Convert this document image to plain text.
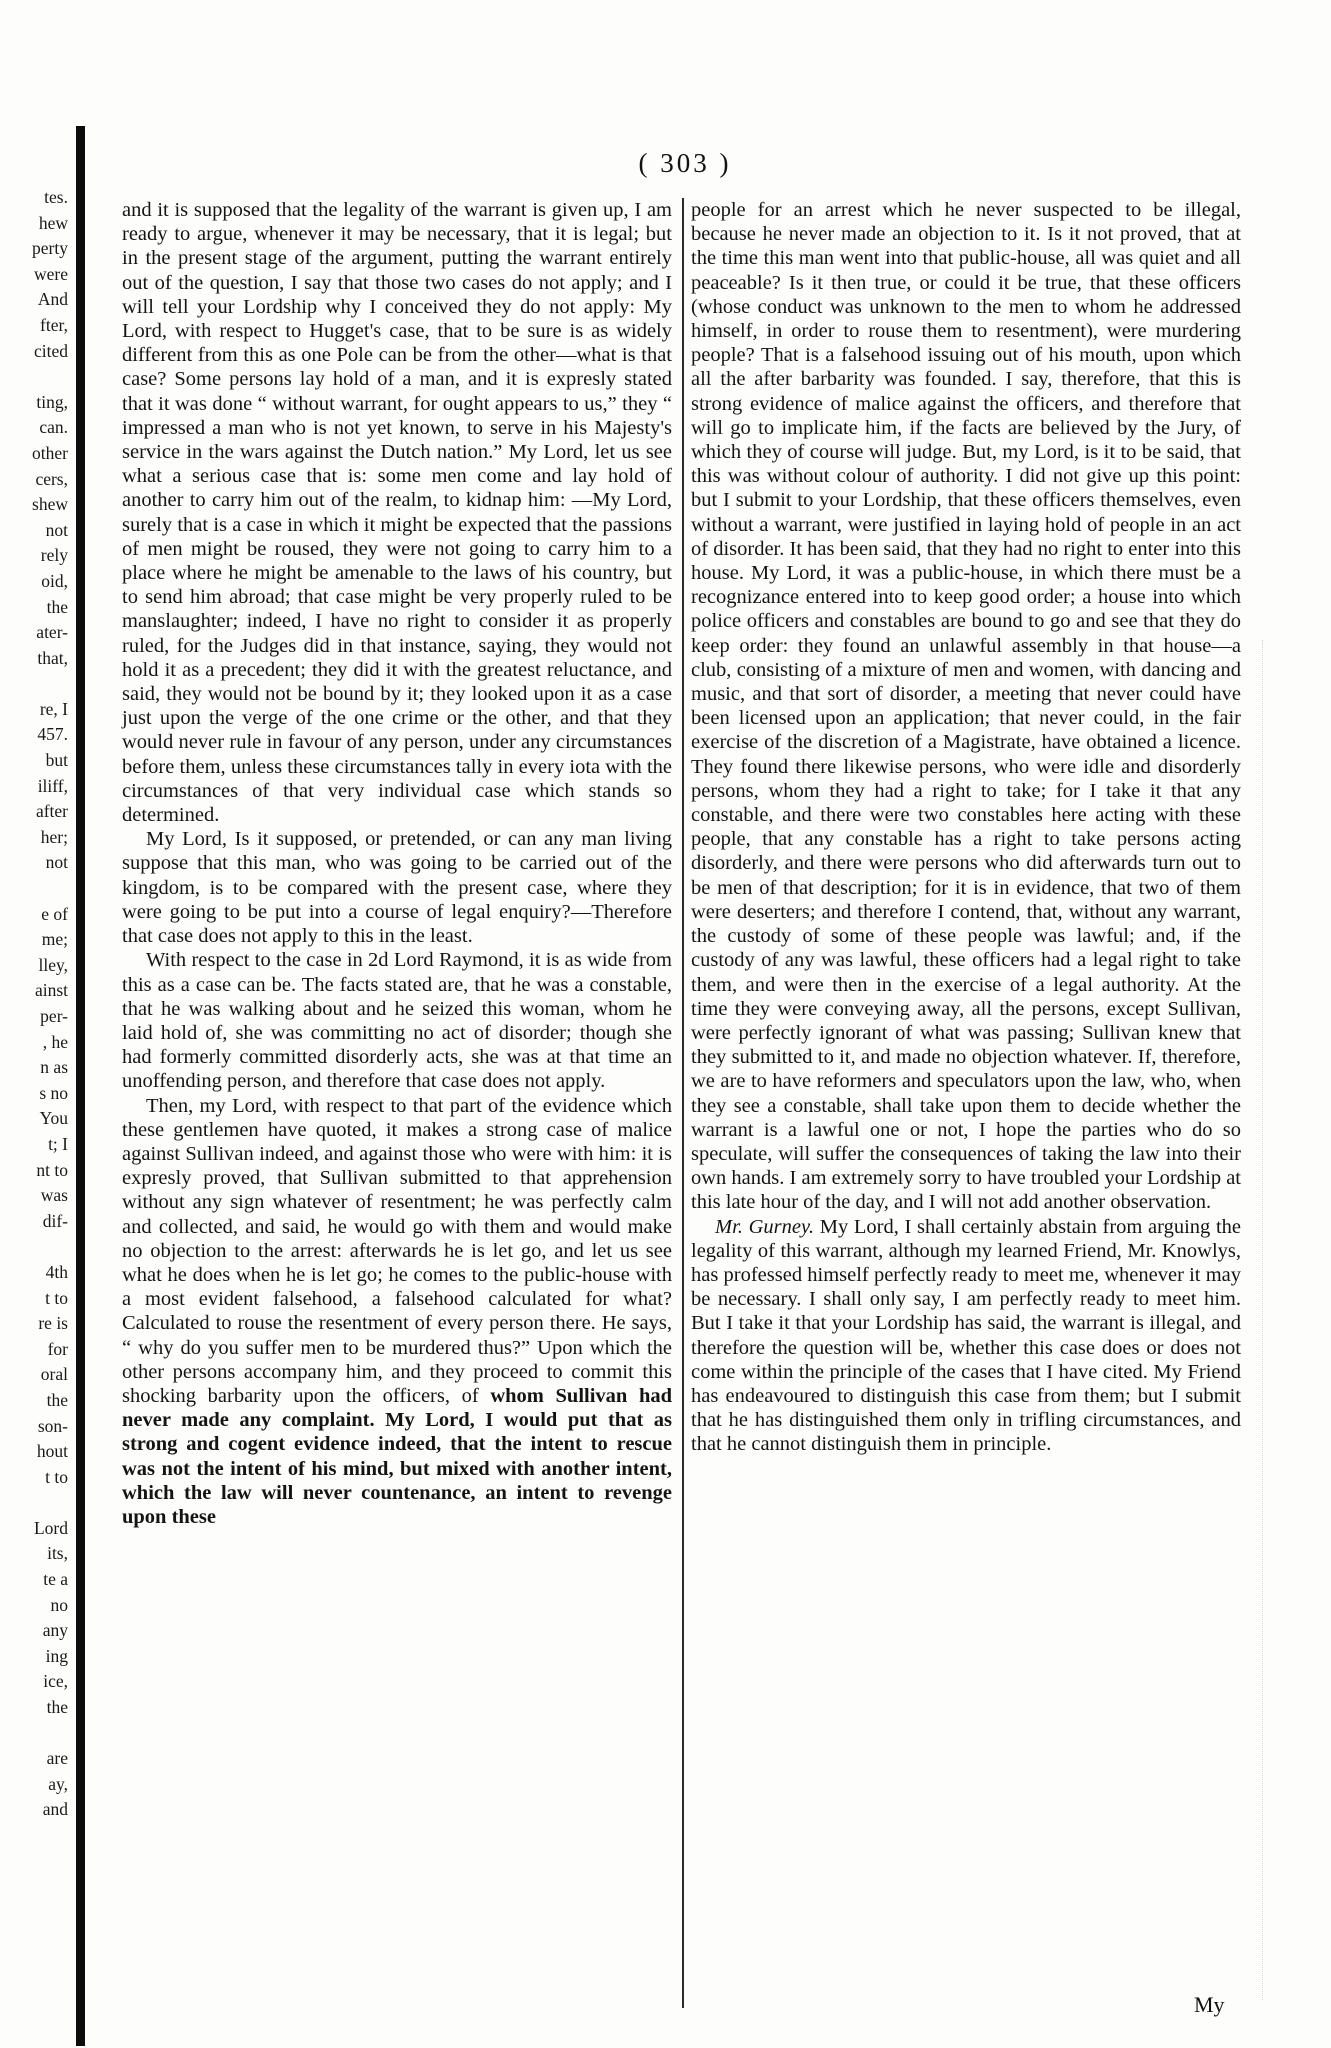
tes.
hew
perty
were
And
fter,
cited
ting,
can.
other
cers,
shew
not
rely
oid,
the
ater-
that,
re, I
457.
but
iliff,
after
her;
not
e of
me;
lley,
ainst
per-
, he
n as
s no
You
t; I
nt to
was
dif-
4th
t to
re is
for
oral
the
son-
hout
t to
Lord
its,
te a
no
any
ing
ice,
the
are
ay,
and
( 303 )

and it is supposed that the legality of the warrant is given up, I am ready to argue, whenever it may be necessary, that it is legal; but in the present stage of the argument, putting the warrant entirely out of the question, I say that those two cases do not apply; and I will tell your Lordship why I conceived they do not apply: My Lord, with respect to Hugget's case, that to be sure is as widely different from this as one Pole can be from the other—what is that case? Some persons lay hold of a man, and it is expresly stated that it was done “ without warrant, for ought appears to us,” they “ impressed a man who is not yet known, to serve in his Majesty's service in the wars against the Dutch nation.” My Lord, let us see what a serious case that is: some men come and lay hold of another to carry him out of the realm, to kidnap him: —My Lord, surely that is a case in which it might be expected that the passions of men might be roused, they were not going to carry him to a place where he might be amenable to the laws of his country, but to send him abroad; that case might be very properly ruled to be manslaughter; indeed, I have no right to consider it as properly ruled, for the Judges did in that instance, saying, they would not hold it as a precedent; they did it with the greatest reluctance, and said, they would not be bound by it; they looked upon it as a case just upon the verge of the one crime or the other, and that they would never rule in favour of any person, under any circumstances before them, unless these circumstances tally in every iota with the circumstances of that very individual case which stands so determined.

My Lord, Is it supposed, or pretended, or can any man living suppose that this man, who was going to be carried out of the kingdom, is to be compared with the present case, where they were going to be put into a course of legal enquiry?—Therefore that case does not apply to this in the least.

With respect to the case in 2d Lord Raymond, it is as wide from this as a case can be. The facts stated are, that he was a constable, that he was walking about and he seized this woman, whom he laid hold of, she was committing no act of disorder; though she had formerly committed disorderly acts, she was at that time an unoffending person, and therefore that case does not apply.

Then, my Lord, with respect to that part of the evidence which these gentlemen have quoted, it makes a strong case of malice against Sullivan indeed, and against those who were with him: it is expresly proved, that Sullivan submitted to that apprehension without any sign whatever of resentment; he was perfectly calm and collected, and said, he would go with them and would make no objection to the arrest: afterwards he is let go, and let us see what he does when he is let go; he comes to the public-house with a most evident falsehood, a falsehood calculated for what? Calculated to rouse the resentment of every person there. He says, “ why do you suffer men to be murdered thus?” Upon which the other persons accompany him, and they proceed to commit this shocking barbarity upon the officers, of whom Sullivan had never made any complaint. My Lord, I would put that as strong and cogent evidence indeed, that the intent to rescue was not the intent of his mind, but mixed with another intent, which the law will never countenance, an intent to revenge upon these

people for an arrest which he never suspected to be illegal, because he never made an objection to it. Is it not proved, that at the time this man went into that public-house, all was quiet and all peaceable? Is it then true, or could it be true, that these officers (whose conduct was unknown to the men to whom he addressed himself, in order to rouse them to resentment), were murdering people? That is a falsehood issuing out of his mouth, upon which all the after barbarity was founded. I say, therefore, that this is strong evidence of malice against the officers, and therefore that will go to implicate him, if the facts are believed by the Jury, of which they of course will judge. But, my Lord, is it to be said, that this was without colour of authority. I did not give up this point: but I submit to your Lordship, that these officers themselves, even without a warrant, were justified in laying hold of people in an act of disorder. It has been said, that they had no right to enter into this house. My Lord, it was a public-house, in which there must be a recognizance entered into to keep good order; a house into which police officers and constables are bound to go and see that they do keep order: they found an unlawful assembly in that house—a club, consisting of a mixture of men and women, with dancing and music, and that sort of disorder, a meeting that never could have been licensed upon an application; that never could, in the fair exercise of the discretion of a Magistrate, have obtained a licence. They found there likewise persons, who were idle and disorderly persons, whom they had a right to take; for I take it that any constable, and there were two constables here acting with these people, that any constable has a right to take persons acting disorderly, and there were persons who did afterwards turn out to be men of that description; for it is in evidence, that two of them were deserters; and therefore I contend, that, without any warrant, the custody of some of these people was lawful; and, if the custody of any was lawful, these officers had a legal right to take them, and were then in the exercise of a legal authority. At the time they were conveying away, all the persons, except Sullivan, were perfectly ignorant of what was passing; Sullivan knew that they submitted to it, and made no objection whatever. If, therefore, we are to have reformers and speculators upon the law, who, when they see a constable, shall take upon them to decide whether the warrant is a lawful one or not, I hope the parties who do so speculate, will suffer the consequences of taking the law into their own hands. I am extremely sorry to have troubled your Lordship at this late hour of the day, and I will not add another observation.

Mr. Gurney. My Lord, I shall certainly abstain from arguing the legality of this warrant, although my learned Friend, Mr. Knowlys, has professed himself perfectly ready to meet me, whenever it may be necessary. I shall only say, I am perfectly ready to meet him. But I take it that your Lordship has said, the warrant is illegal, and therefore the question will be, whether this case does or does not come within the principle of the cases that I have cited. My Friend has endeavoured to distinguish this case from them; but I submit that he has distinguished them only in trifling circumstances, and that he cannot distinguish them in principle.

My
